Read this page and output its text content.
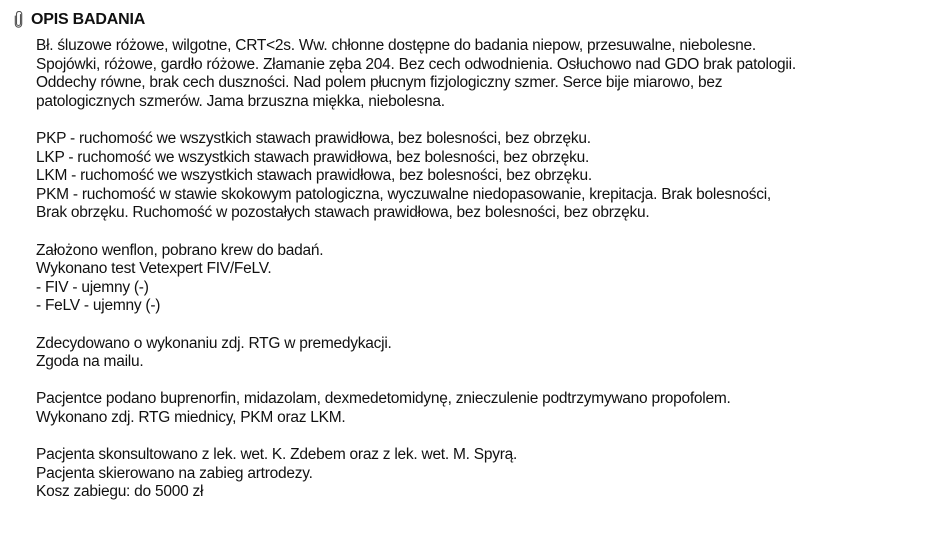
OPIS BADANIA
Bł. śluzowe różowe, wilgotne, CRT<2s. Ww. chłonne dostępne do badania niepow, przesuwalne, niebolesne.
Spojówki, różowe, gardło różowe. Złamanie zęba 204. Bez cech odwodnienia. Osłuchowo nad GDO brak patologii.
Oddechy równe, brak cech duszności. Nad polem płucnym fizjologiczny szmer. Serce bije miarowo, bez
patologicznych szmerów. Jama brzuszna miękka, niebolesna.
PKP - ruchomość we wszystkich stawach prawidłowa, bez bolesności, bez obrzęku.
LKP - ruchomość we wszystkich stawach prawidłowa, bez bolesności, bez obrzęku.
LKM - ruchomość we wszystkich stawach prawidłowa, bez bolesności, bez obrzęku.
PKM - ruchomość w stawie skokowym patologiczna, wyczuwalne niedopasowanie, krepitacja. Brak bolesności,
Brak obrzęku. Ruchomość w pozostałych stawach prawidłowa, bez bolesności, bez obrzęku.
Założono wenflon, pobrano krew do badań.
Wykonano test Vetexpert FIV/FeLV.
- FIV - ujemny (-)
- FeLV - ujemny (-)
Zdecydowano o wykonaniu zdj. RTG w premedykacji.
Zgoda na mailu.
Pacjentce podano buprenorfin, midazolam, dexmedetomidynę, znieczulenie podtrzymywano propofolem.
Wykonano zdj. RTG miednicy, PKM oraz LKM.
Pacjenta skonsultowano z lek. wet. K. Zdebem oraz z lek. wet. M. Spyrą.
Pacjenta skierowano na zabieg artrodezy.
Kosz zabiegu: do 5000 zł
